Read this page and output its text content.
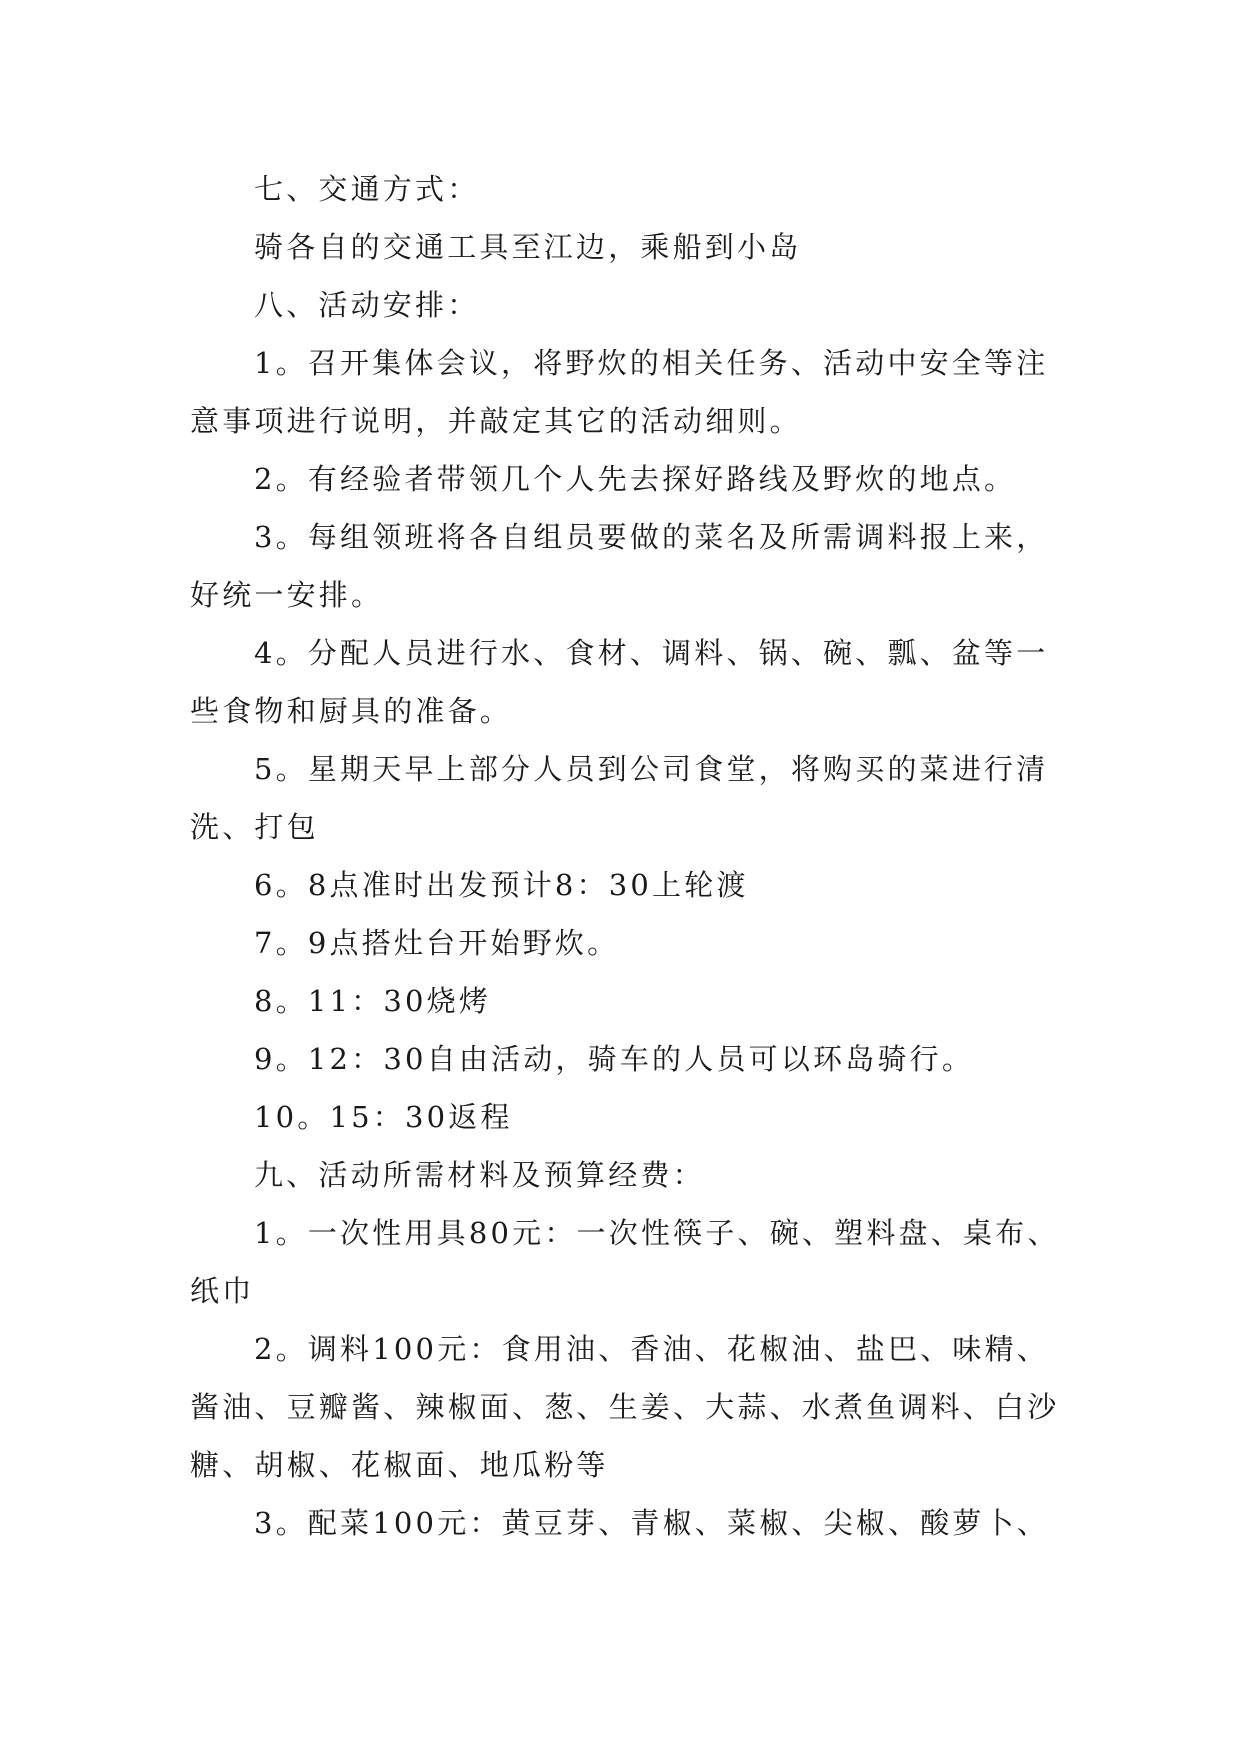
七、交通方式：

骑各自的交通工具至江边，乘船到小岛

八、活动安排：

1。召开集体会议，将野炊的相关任务、活动中安全等注意事项进行说明，并敲定其它的活动细则。

2。有经验者带领几个人先去探好路线及野炊的地点。

3。每组领班将各自组员要做的菜名及所需调料报上来，好统一安排。

4。分配人员进行水、食材、调料、锅、碗、瓢、盆等一些食物和厨具的准备。

5。星期天早上部分人员到公司食堂，将购买的菜进行清洗、打包

6。8点准时出发预计8：30上轮渡

7。9点搭灶台开始野炊。

8。11：30烧烤

9。12：30自由活动，骑车的人员可以环岛骑行。

10。15：30返程

九、活动所需材料及预算经费：

1。一次性用具80元：一次性筷子、碗、塑料盘、桌布、纸巾

2。调料100元：食用油、香油、花椒油、盐巴、味精、酱油、豆瓣酱、辣椒面、葱、生姜、大蒜、水煮鱼调料、白沙糖、胡椒、花椒面、地瓜粉等

3。配菜100元：黄豆芽、青椒、菜椒、尖椒、酸萝卜、
